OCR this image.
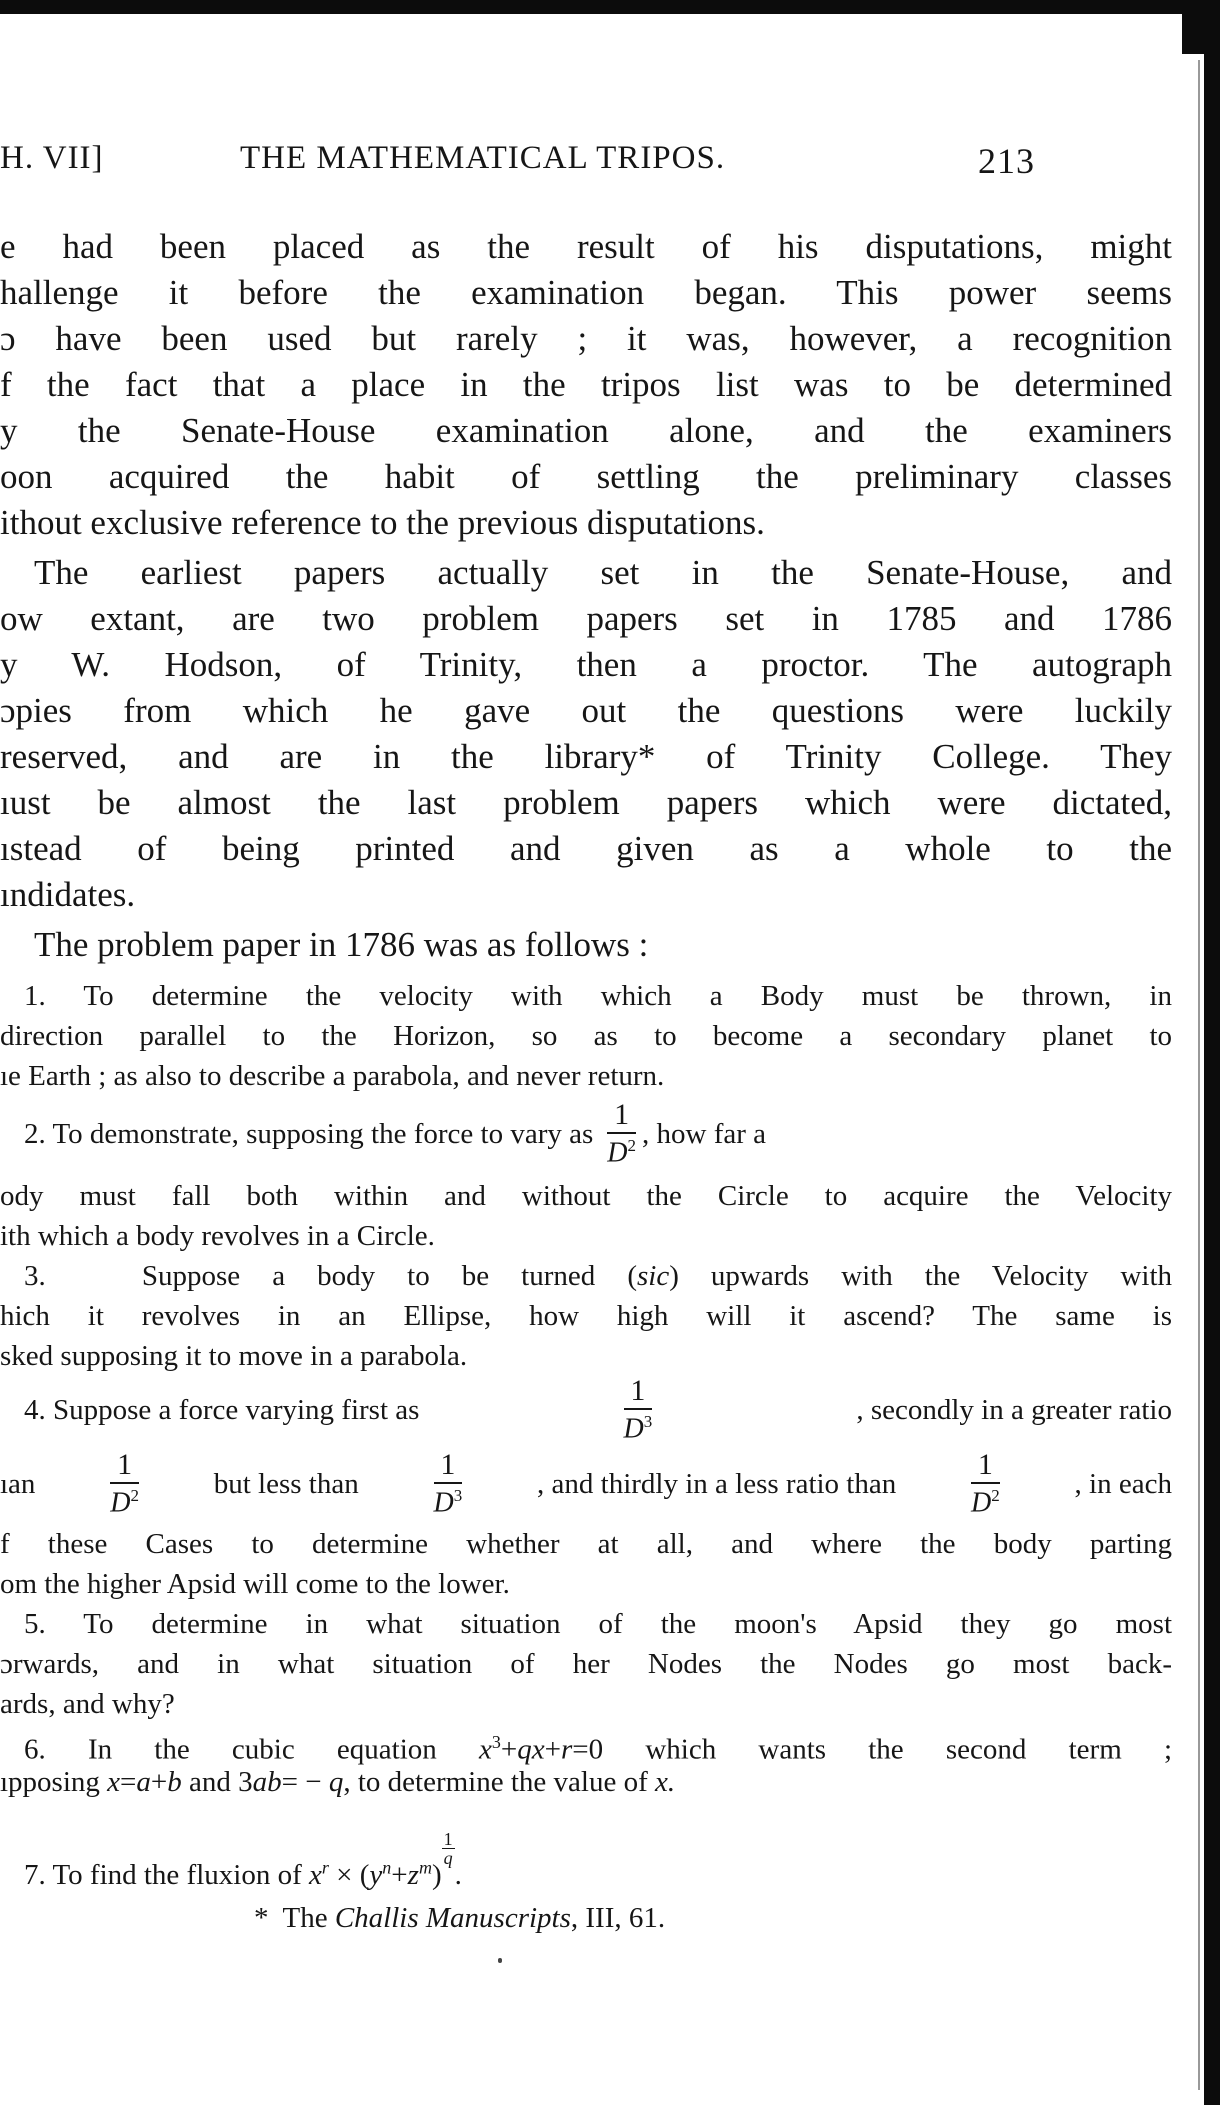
H. VII]	THE MATHEMATICAL TRIPOS.	213
e had been placed as the result of his disputations, might
hallenge it before the examination began. This power seems
ɔ have been used but rarely ; it was, however, a recognition
f the fact that a place in the tripos list was to be determined
y the Senate-House examination alone, and the examiners
oon acquired the habit of settling the preliminary classes
ithout exclusive reference to the previous disputations.
The earliest papers actually set in the Senate-House, and
ow extant, are two problem papers set in 1785 and 1786
y W. Hodson, of Trinity, then a proctor. The autograph
ɔpies from which he gave out the questions were luckily
reserved, and are in the library* of Trinity College. They
ıust be almost the last problem papers which were dictated,
ıstead of being printed and given as a whole to the
ındidates.
The problem paper in 1786 was as follows :
1. To determine the velocity with which a Body must be thrown, in
direction parallel to the Horizon, so as to become a secondary planet to
ıe Earth ; as also to describe a parabola, and never return.
2. To demonstrate, supposing the force to vary as $\frac{1}{D^2}$ , how far a
ody must fall both within and without the Circle to acquire the Velocity
ith which a body revolves in a Circle.
3.   Suppose a body to be turned (sic) upwards with the Velocity with
hich it revolves in an Ellipse, how high will it ascend? The same is
sked supposing it to move in a parabola.
4. Suppose a force varying first as	$\frac{1}{D^3}$	, secondly in a greater ratio
ıan $\frac{1}{D^2}$	but less than $\frac{1}{D^3}$	, and thirdly in a less ratio than $\frac{1}{D^2}$	, in each
f these Cases to determine whether at all, and where the body parting
om the higher Apsid will come to the lower.
5. To determine in what situation of the moon's Apsid they go most
ɔrwards, and in what situation of her Nodes the Nodes go most back-
ards, and why?
6. In the cubic equation $x^3+qx+r=0$ which wants the second term ;
ıpposing x=a+b and 3ab= − q, to determine the value of x.
7. To find the fluxion of $x^r \times (y^n+z^m)$
$\frac{1}{q}$
.
* The Challis Manuscripts, III, 61.
